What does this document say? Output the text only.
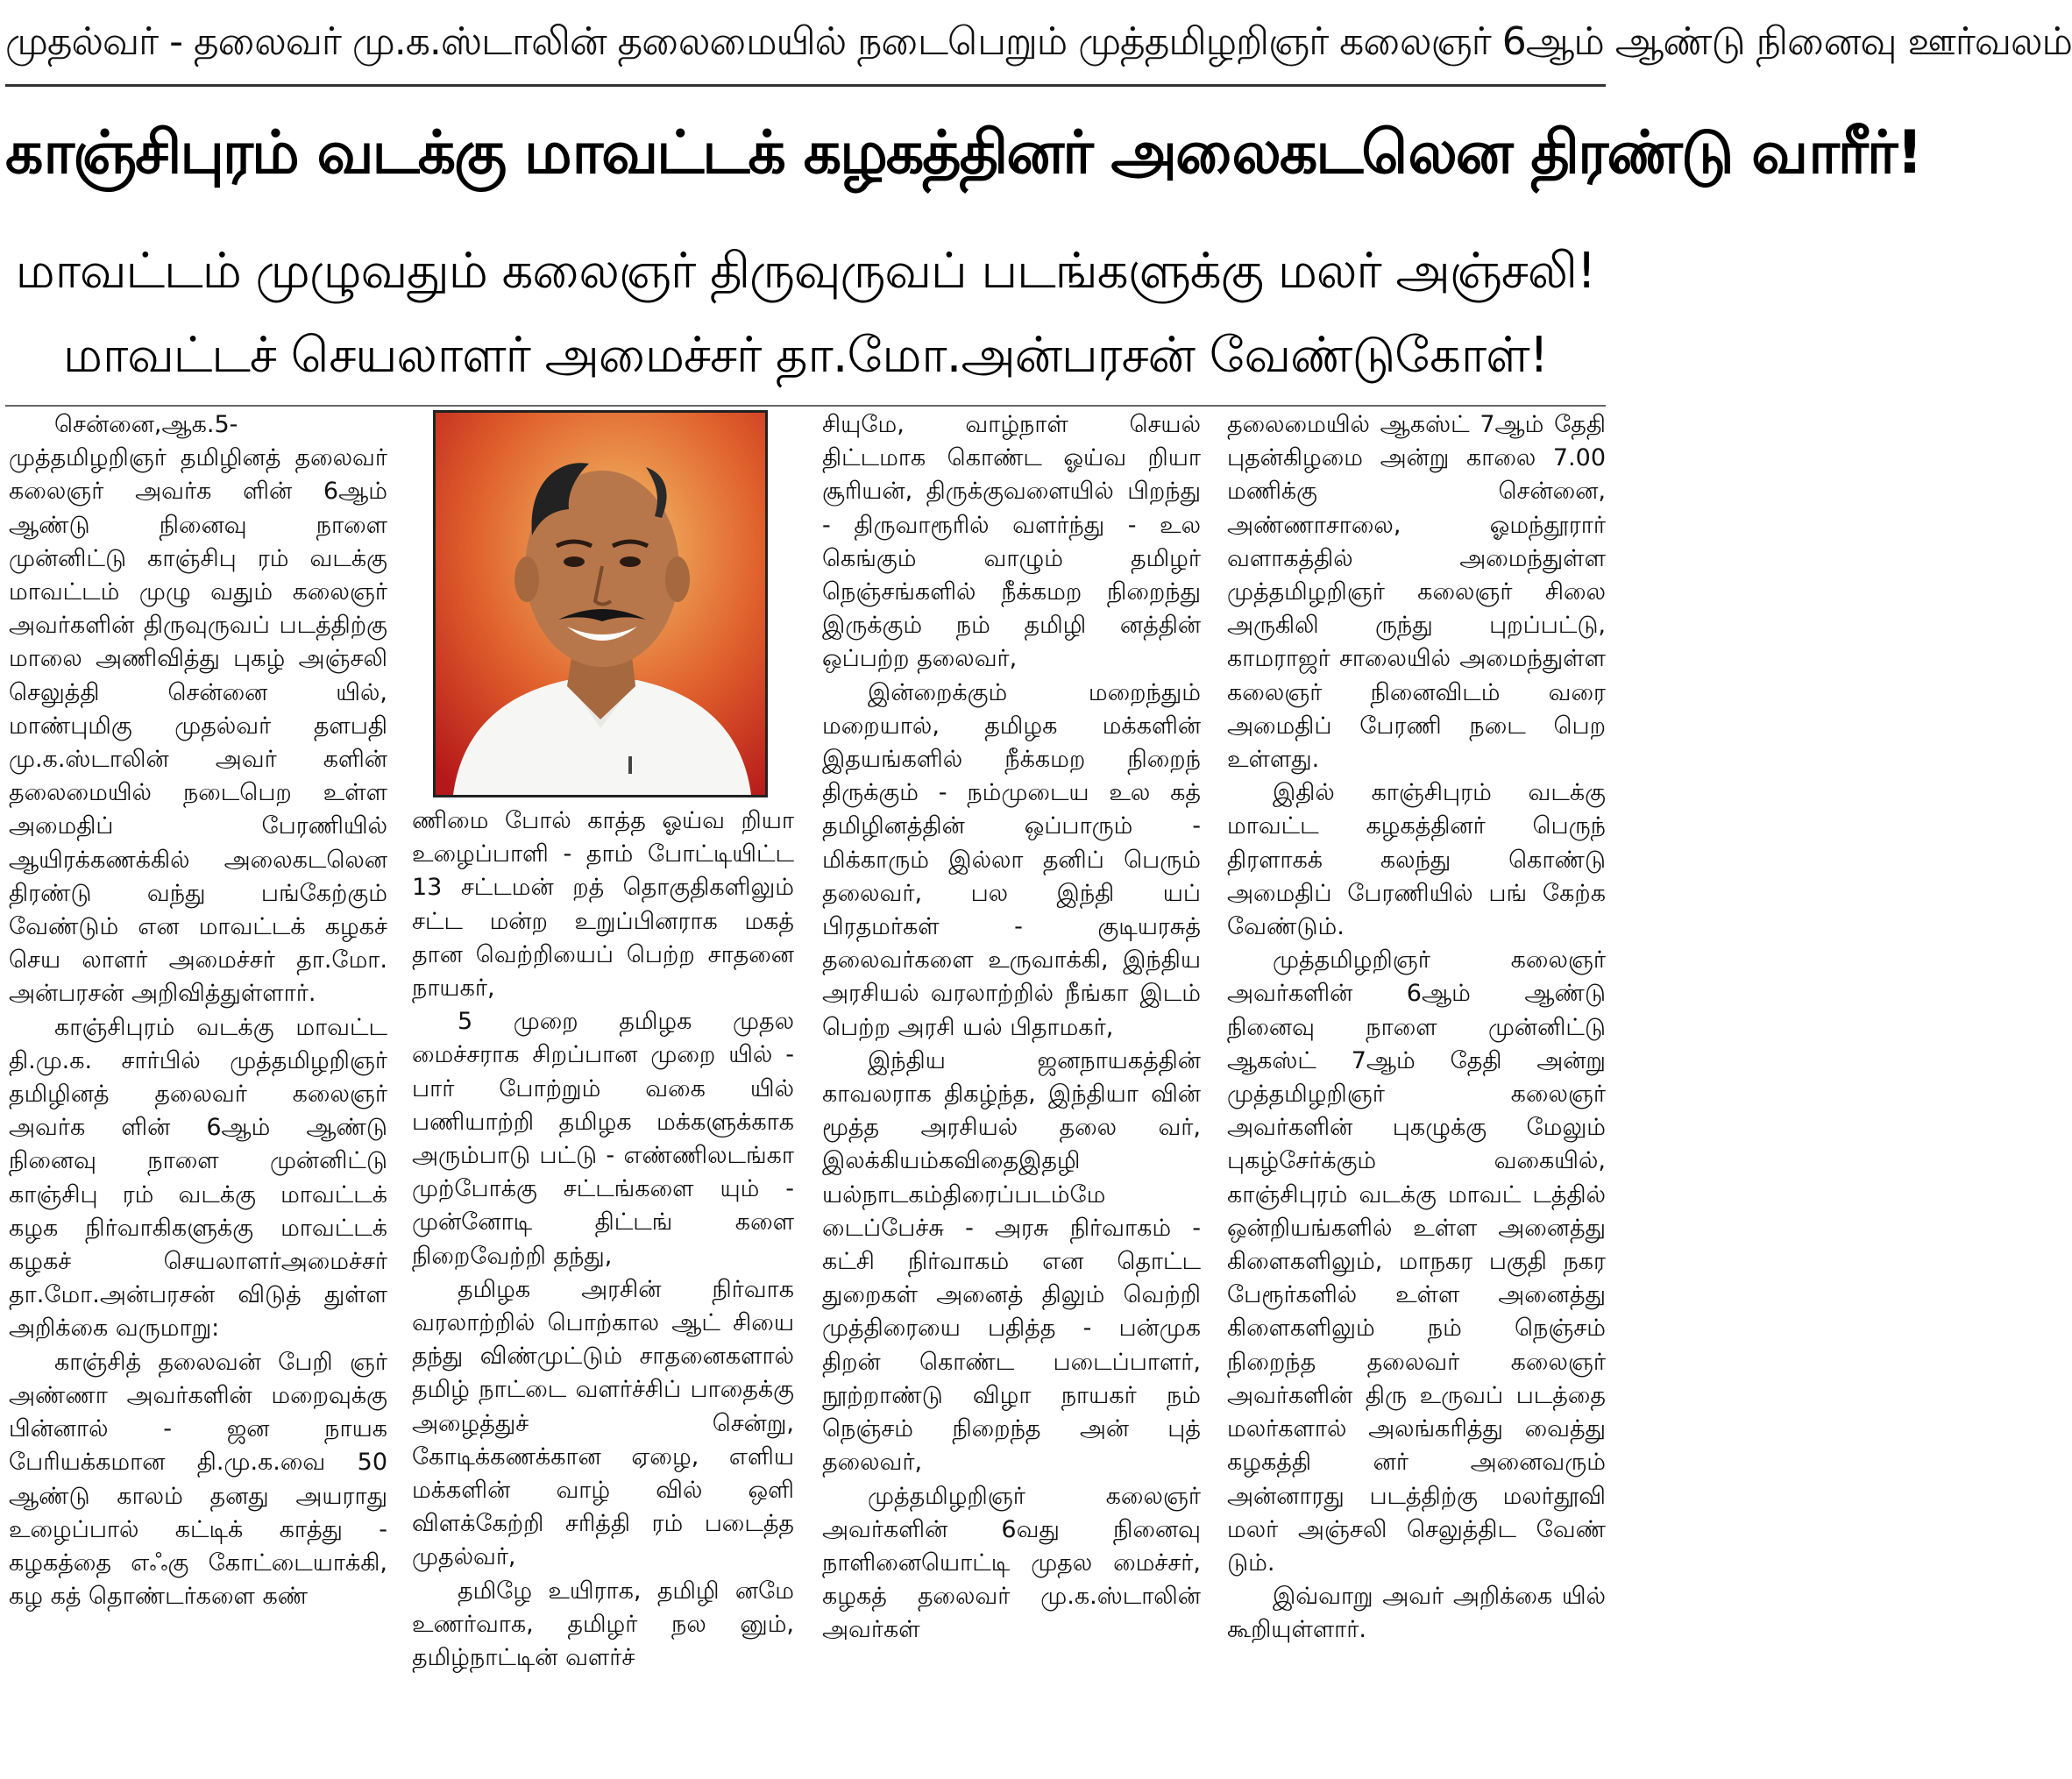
முதல்வர் - தலைவர் மு.க.ஸ்டாலின் தலைமையில் நடைபெறும் முத்தமிழறிஞர் கலைஞர் 6ஆம் ஆண்டு நினைவு ஊர்வலம்
காஞ்சிபுரம் வடக்கு மாவட்டக் கழகத்தினர் அலைகடலென திரண்டு வாரீர்!
மாவட்டம் முழுவதும் கலைஞர் திருவுருவப் படங்களுக்கு மலர் அஞ்சலி!
மாவட்டச் செயலாளர் அமைச்சர் தா.மோ.அன்பரசன் வேண்டுகோள்!

சென்னை,ஆக.5- முத்தமிழறிஞர் தமிழினத் தலைவர் கலைஞர் அவர்க ளின் 6ஆம் ஆண்டு நினைவு நாளை முன்னிட்டு காஞ்சிபு ரம் வடக்கு மாவட்டம் முழு வதும் கலைஞர் அவர்களின் திருவுருவப் படத்திற்கு மாலை அணிவித்து புகழ் அஞ்சலி செலுத்தி சென்னை யில், மாண்புமிகு முதல்வர் தளபதி மு.க.ஸ்டாலின் அவர் களின் தலைமையில் நடைபெற உள்ள அமைதிப் பேரணியில் ஆயிரக்கணக்கில் அலைகடலென திரண்டு வந்து பங்கேற்கும் வேண்டும் என மாவட்டக் கழகச் செய லாளர் அமைச்சர் தா.மோ. அன்பரசன் அறிவித்துள்ளார்.

காஞ்சிபுரம் வடக்கு மாவட்ட தி.மு.க. சார்பில் முத்தமிழறிஞர் தமிழினத் தலைவர் கலைஞர் அவர்க ளின் 6ஆம் ஆண்டு நினைவு நாளை முன்னிட்டு காஞ்சிபு ரம் வடக்கு மாவட்டக் கழக நிர்வாகிகளுக்கு மாவட்டக் கழகச் செயலாளர்அமைச்சர் தா.மோ.அன்பரசன் விடுத் துள்ள அறிக்கை வருமாறு:

காஞ்சித் தலைவன் பேறி ஞர் அண்ணா அவர்களின் மறைவுக்கு பின்னால் - ஜன நாயக பேரியக்கமான தி.மு.க.வை 50 ஆண்டு காலம் தனது அயராது உழைப்பால் கட்டிக் காத்து - கழகத்தை எஃகு கோட்டையாக்கி, கழ கத் தொண்டர்களை கண்

ணிமை போல் காத்த ஓய்வ றியா உழைப்பாளி - தாம் போட்டியிட்ட 13 சட்டமன் றத் தொகுதிகளிலும் சட்ட மன்ற உறுப்பினராக மகத் தான வெற்றியைப் பெற்ற சாதனை நாயகர்,

5 முறை தமிழக முதல மைச்சராக சிறப்பான முறை யில் - பார் போற்றும் வகை யில் பணியாற்றி தமிழக மக்களுக்காக அரும்பாடு பட்டு - எண்ணிலடங்கா முற்போக்கு சட்டங்களை யும் - முன்னோடி திட்டங் களை நிறைவேற்றி தந்து,

தமிழக அரசின் நிர்வாக வரலாற்றில் பொற்கால ஆட் சியை தந்து விண்முட்டும் சாதனைகளால் தமிழ் நாட்டை வளர்ச்சிப் பாதைக்கு அழைத்துச் சென்று, கோடிக்கணக்கான ஏழை, எளிய மக்களின் வாழ் வில் ஒளி விளக்கேற்றி சரித்தி ரம் படைத்த முதல்வர்,

தமிழே உயிராக, தமிழி னமே உணர்வாக, தமிழர் நல னும், தமிழ்நாட்டின் வளர்ச்

சியுமே, வாழ்நாள் செயல் திட்டமாக கொண்ட ஓய்வ றியா சூரியன், திருக்குவளையில் பிறந்து - திருவாரூரில் வளர்ந்து - உல கெங்கும் வாழும் தமிழர் நெஞ்சங்களில் நீக்கமற நிறைந்து இருக்கும் நம் தமிழி னத்தின் ஒப்பற்ற தலைவர்,

இன்றைக்கும் மறைந்தும் மறையால், தமிழக மக்களின் இதயங்களில் நீக்கமற நிறைந் திருக்கும் - நம்முடைய உல கத் தமிழினத்தின் ஒப்பாரும் - மிக்காரும் இல்லா தனிப் பெரும் தலைவர், பல இந்தி யப் பிரதமர்கள் - குடியரசுத் தலைவர்களை உருவாக்கி, இந்திய அரசியல் வரலாற்றில் நீங்கா இடம் பெற்ற அரசி யல் பிதாமகர்,

இந்திய ஜனநாயகத்தின் காவலராக திகழ்ந்த, இந்தியா வின் மூத்த அரசியல் தலை வர், இலக்கியம்கவிதைஇதழி யல்நாடகம்திரைப்படம்மே டைப்பேச்சு - அரசு நிர்வாகம் - கட்சி நிர்வாகம் என தொட்ட துறைகள் அனைத் திலும் வெற்றி முத்திரையை பதித்த - பன்முக திறன் கொண்ட படைப்பாளர், நூற்றாண்டு விழா நாயகர் நம் நெஞ்சம் நிறைந்த அன் புத் தலைவர்,

முத்தமிழறிஞர் கலைஞர் அவர்களின் 6வது நினைவு நாளினையொட்டி முதல மைச்சர், கழகத் தலைவர் மு.க.ஸ்டாலின் அவர்கள்

தலைமையில் ஆகஸ்ட் 7ஆம் தேதி புதன்கிழமை அன்று காலை 7.00 மணிக்கு சென்னை, அண்ணாசாலை, ஓமந்தூரார் வளாகத்தில் அமைந்துள்ள முத்தமிழறிஞர் கலைஞர் சிலை அருகிலி ருந்து புறப்பட்டு, காமராஜர் சாலையில் அமைந்துள்ள கலைஞர் நினைவிடம் வரை அமைதிப் பேரணி நடை பெற உள்ளது.

இதில் காஞ்சிபுரம் வடக்கு மாவட்ட கழகத்தினர் பெருந் திரளாகக் கலந்து கொண்டு அமைதிப் பேரணியில் பங் கேற்க வேண்டும்.

முத்தமிழறிஞர் கலைஞர் அவர்களின் 6ஆம் ஆண்டு நினைவு நாளை முன்னிட்டு ஆகஸ்ட் 7ஆம் தேதி அன்று முத்தமிழறிஞர் கலைஞர் அவர்களின் புகழுக்கு மேலும் புகழ்சேர்க்கும் வகையில், காஞ்சிபுரம் வடக்கு மாவட் டத்தில் ஒன்றியங்களில் உள்ள அனைத்து கிளைகளிலும், மாநகர பகுதி நகர பேரூர்களில் உள்ள அனைத்து கிளைகளிலும் நம் நெஞ்சம் நிறைந்த தலைவர் கலைஞர் அவர்களின் திரு உருவப் படத்தை மலர்களால் அலங்கரித்து வைத்து கழகத்தி னர் அனைவரும் அன்னாரது படத்திற்கு மலர்தூவி மலர் அஞ்சலி செலுத்திட வேண் டும்.

இவ்வாறு அவர் அறிக்கை யில் கூறியுள்ளார்.
